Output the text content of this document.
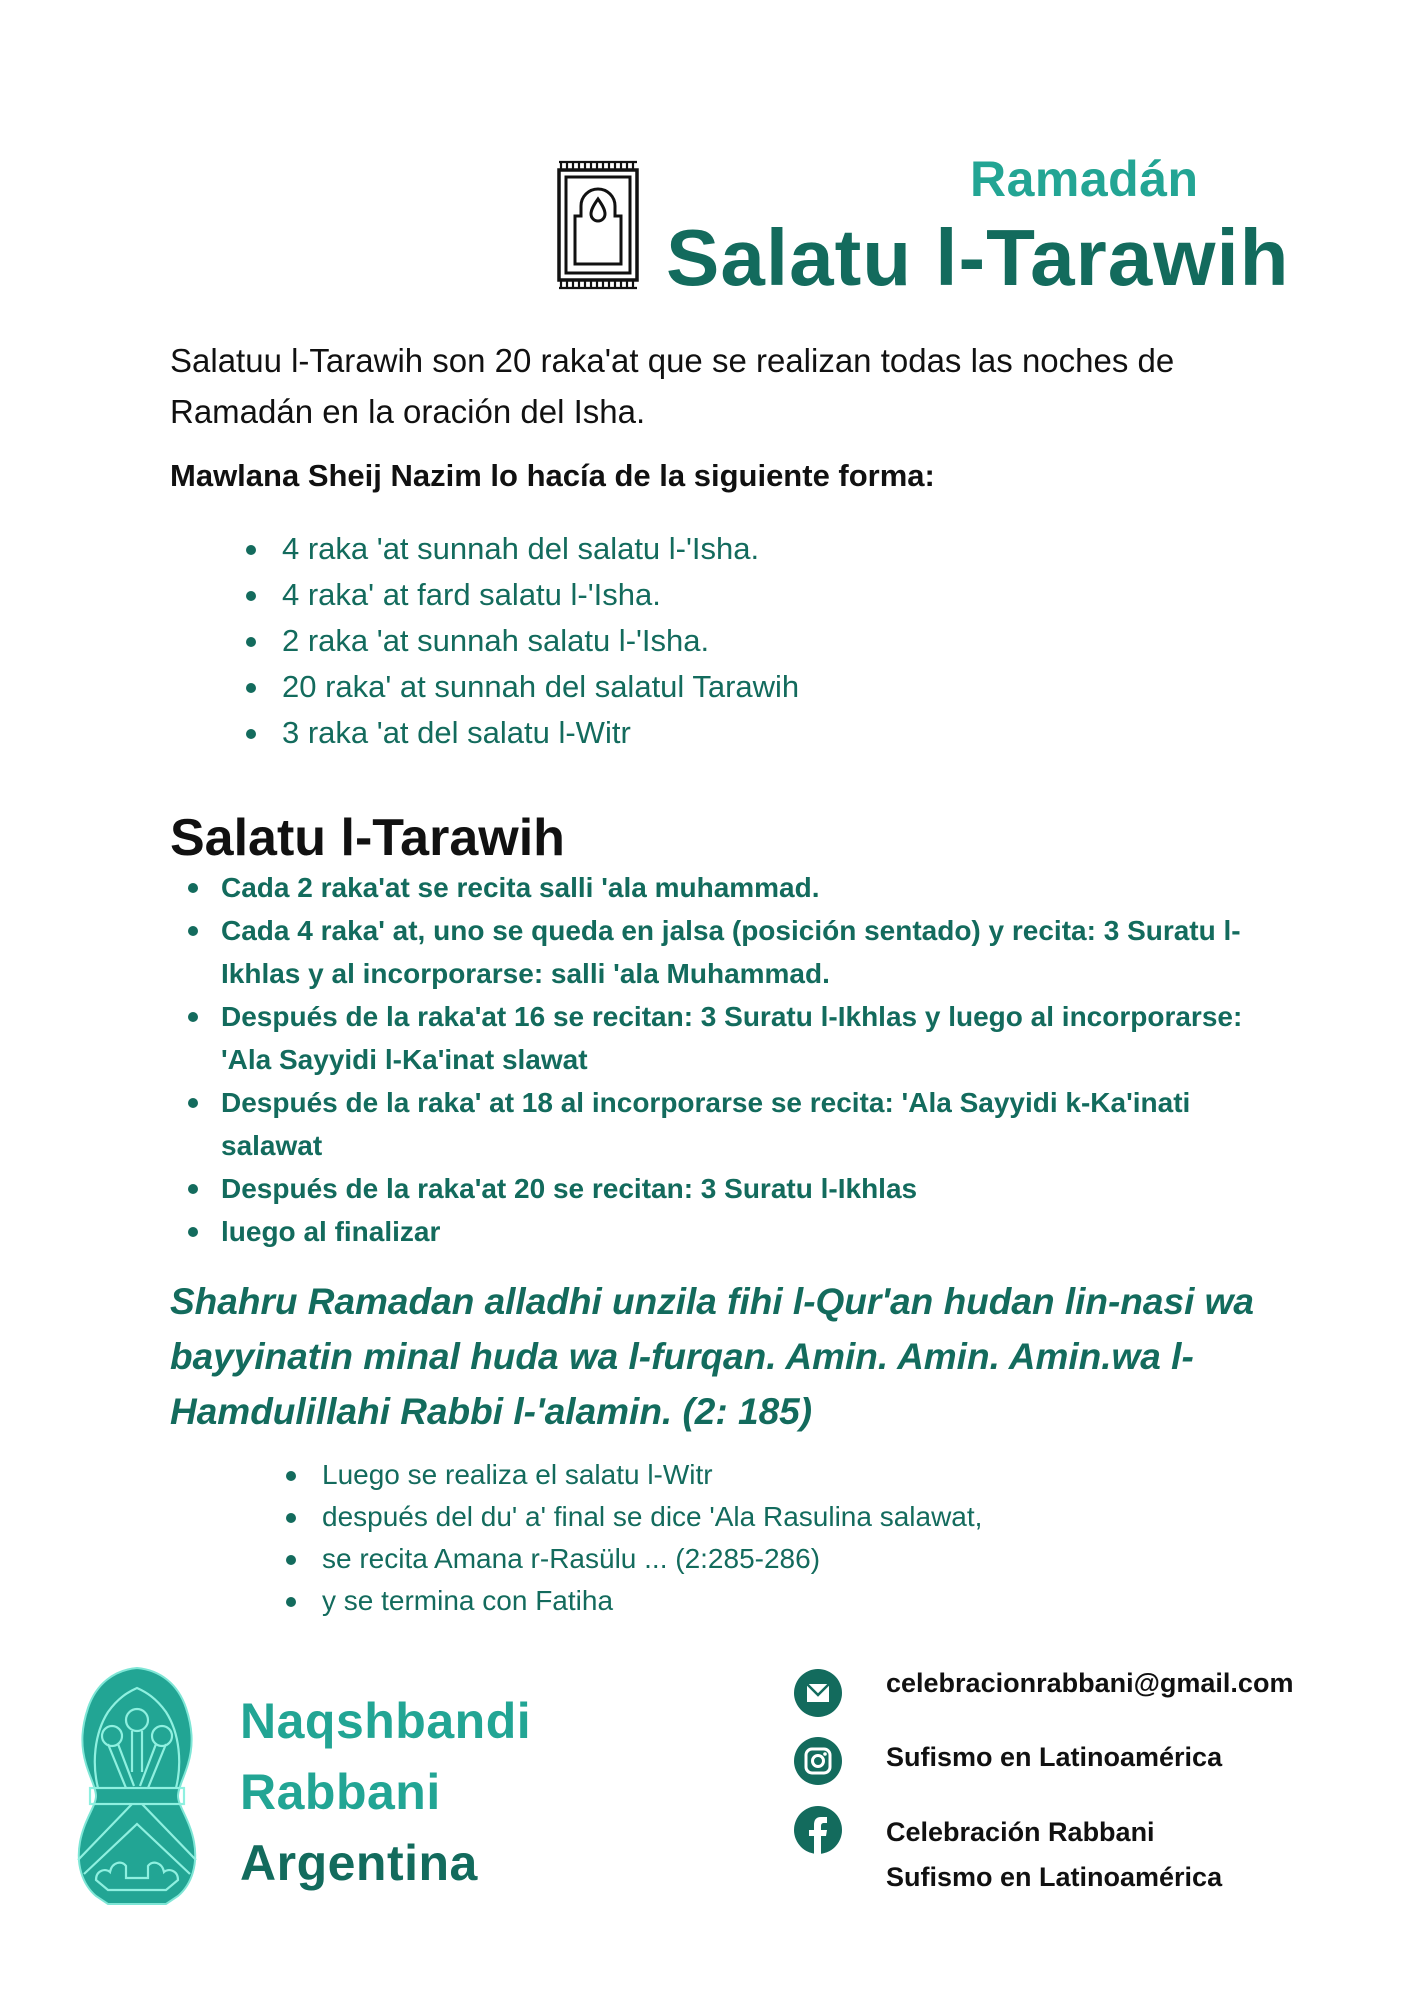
Ramadán
Salatu l-Tarawih
Salatuu l-Tarawih son 20 raka'at que se realizan todas las noches de Ramadán en la oración del Isha.
Mawlana Sheij Nazim lo hacía de la siguiente forma:
4 raka 'at sunnah del salatu l-'Isha.
4 raka' at fard salatu l-'Isha.
2 raka 'at sunnah salatu l-'Isha.
20 raka' at sunnah del salatul Tarawih
3 raka 'at del salatu l-Witr
Salatu l-Tarawih
Cada 2 raka'at se recita salli 'ala muhammad.
Cada 4 raka' at, uno se queda en jalsa (posición sentado) y recita: 3 Suratu l-Ikhlas y al incorporarse: salli 'ala Muhammad.
Después de la raka'at 16 se recitan: 3 Suratu l-Ikhlas y luego al incorporarse: 'Ala Sayyidi l-Ka'inat slawat
Después de la raka' at 18 al incorporarse se recita: 'Ala Sayyidi k-Ka'inati salawat
Después de la raka'at 20 se recitan: 3 Suratu l-Ikhlas
luego al finalizar
Shahru Ramadan alladhi unzila fihi l-Qur'an hudan lin-nasi wa bayyinatin minal huda wa l-furqan. Amin. Amin. Amin.wa l-Hamdulillahi Rabbi l-'alamin. (2: 185)
Luego se realiza el salatu l-Witr
después del du' a' final se dice 'Ala Rasulina salawat,
se recita Amana r-Rasülu ... (2:285-286)
y se termina con Fatiha
Naqshbandi
Rabbani
Argentina
celebracionrabbani@gmail.com
Sufismo en Latinoamérica
Celebración Rabbani
Sufismo en Latinoamérica
